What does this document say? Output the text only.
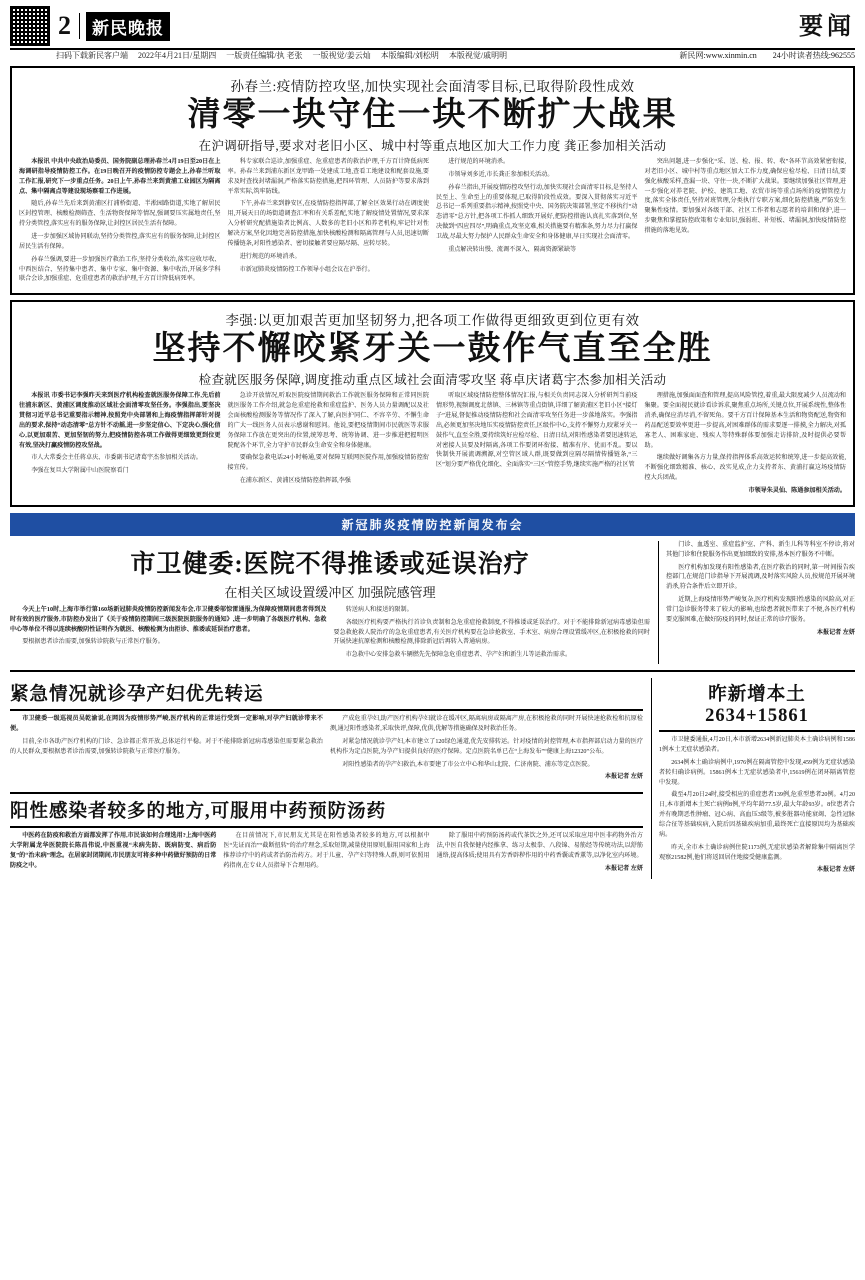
2	新民晚报	要闻
扫码下载新民客户端 2022年4月21日/星期四 一版责任编辑/执 老张 一版视觉/姜云灿 本版编辑/刘松明 本版视觉/戚明明	新民网:www.xinmin.cn 24小时读者热线:962555
孙春兰:疫情防控攻坚,加快实现社会面清零目标,已取得阶段性成效
清零一块守住一块不断扩大战果
在沪调研指导,要求对老旧小区、城中村等重点地区加大工作力度 龚正参加相关活动

本报讯 中共中央政治局委员、国务院副总理孙春兰4月19日至20日在上海调研指导疫情防控工作。在19日晚召开的疫情防控专题会上,孙春兰听取工作汇报,研究下一步重点任务。20日上午,孙春兰来到黄浦工业园区为隔离点、集中隔离点等建设现场察看工作进展。

随后,孙春兰先后来到黄浦区打浦桥街道、半淞园路街道,实地了解居民区封控管理、核酸检测筛查、生活物资保障等情况,强调要压实属地责任,坚持分类管控,落实应有的服务保障,让封控区居民生活有保障。

进一步加强区域协同联动,坚持分类管控,落实应有的服务保障,让封控区居民生活有保障。

孙春兰强调,要进一步加强医疗救治工作,坚持分类收治,落实应收尽收、中西医结合、坚持集中患者、集中专家、集中资源、集中收治,开展多学科联合会诊,加强重症、危重症患者的救治护理,千方百计降低病死率。

科专家联合巡诊,加强重症、危重症患者的救治护理,千方百计降低病死率。孙春兰来到浦东新区龙甲路一处建成工地,查看工地建设和配套设施,要求及时查找封堵漏洞,严格落实防控措施,把四环管理、人员防护等要求落到平常实际,筑牢防线。

下午,孙春兰来到静安区,在疫情防控指挥部,了解全区效果行动在调度使用,开展天日的场街道调查汇率和有关系差配,实地了解疫情处置情况,要求深入分析研究配措施染者比例高、人数多的老旧小区和养老机构,牢记针对性解决方案,坚化因地完善防控措施,加快核酸检测和隔离管理与人员,迅速切断传播链条,对阳性感染者、密切接触者要应隔尽隔、应转尽转。

进行规范的环境消杀。

市新冠肺炎疫情防控工作领导小组会议在沪举行。

进行规范的环境消杀。

市领导刘多近,市长龚正参加相关活动。

孙春兰指出,开展疫情防控攻坚行动,加快实现社会面清零目标,是坚持人民至上、生命至上的重要体现,已取得阶段性成效。要深入贯彻落实习近平总书记一系列重要指示精神,按照党中央、国务院决策部署,坚定不移执行“动态清零”总方针,把各项工作抓人细致开展好,把防控措施认真扎实落到位,坚决做到“四应四尽”,明确重点,攻坚克难,相关措施要有精准条,努力尽力打赢保卫战,尽最大努力保护人民群众生命安全和身体健康,早日实现社会面清零。

重点解决转出慢、流调不深入、隔离资源紧缺等

突出问题,进一步强化“采、送、检、报、转、收”各环节高效紧密衔接,对老旧小区、城中村等重点地区加大工作力度,确保应检尽检、日清日结,要强化核酸采样,查漏一块、守住一块,不断扩大战果。要继续加强社区管理,进一步强化对养老院、护校、建筑工地、农贸市场等重点场所的疫情管控力度,落实全体责任,坚持对班管理,分类执行专职方案,细化防控措施,严防发生聚集性疫情。要加强对各级干部、社区工作者和志愿者的培训和保护,进一步聚焦和掌握防控政策和专业知识,强弱班、补短板、堵漏洞,加快疫情防控措施的落地见效。

李强:以更加艰苦更加坚韧努力,把各项工作做得更细致更到位更有效
坚持不懈咬紧牙关一鼓作气直至全胜
检查就医服务保障,调度推动重点区域社会面清零攻坚 蒋卓庆诸葛宇杰参加相关活动

本报讯 市委书记李强昨天来到医疗机构检查就医服务保障工作,先后前往浦东新区、黄浦区调度推动区域社会面清零攻坚任务。李强指出,要坚决贯彻习近平总书记重要指示精神,按照党中央部署和上海疫情指挥部针对提出的要求,保持“动态清零”总方针不动摇,进一步坚定信心、下定决心,强化信心,以更加艰苦、更加坚韧的努力,把疫情防控各项工作做得更细致更到位更有效,坚决打赢疫情防控攻坚战。

市人大常委会主任蒋卓庆、市委副书记诸葛宇杰参加相关活动。

李强在复旦大学附属中山医院察看门

急诊开放情况,听取医院疫情期间救治工作就医服务保障和正常同医院就医服务工作介绍,就急危重症抢救和重症监护、医务人员力量调配以及社会面核酸检测服务等情况作了深入了解,向医护同仁、不容辛劳、不懈生命的广大一线医务人员表示感谢和慰问。他说,要把疫情期间市民就医等求服务保障工作放在更突出的位置,统筹思考、统筹协调、进一步推进把握明医院配各个环节,全力守护市民群众生命安全和身体健康。

要确保急救电话24小时畅通,要对保障互联网医院作用,加强疫情防控衔接宜传。

在浦东新区、黄浦区疫情防控指挥部,李强

听取区域疫情防控整体情况汇报,与相关负责同志深入分析研判当前疫情形势,视频调度北蔡镇、三林镇等重点街镇,详细了解黄浦区老旧小区“接灯子”进展,督促推动疫情防控和社会面清零攻坚任务进一步落地落实。李强指出,必须更加坚决地压实疫情防控责任,区级作中心,支持不懈努力,咬紧牙关一鼓作气,直至全胜,要持续筑好应检尽检、日清日结,对阳性感染者要迅速转运,对密接人员要及时隔离,各项工作要闭环衔接、精准有序、优而不乱。要以快制快开展流调溯源,对空管区域人群,既要做到应隔尽隔情传播链条,“三区”划分要严格优化细化、全面落实“三区”管控手势,继续实施严格的社区管

理措施,加强面面查和管理,提高风险管控,着重,最大限度减少人员流动和集聚。要全面视民就诊看诊诉求,聚焦重点场所,关键点位,开展系统性,整体性消杀,确保应消尽消,不留死角。要千方百计保障基本生活和物资配送,物资和药品配送要效率更进一步提高,对困难群体的需求要逐一排摸,全力解决,对孤寡老人、困难家庭、残疾人等特殊群体要加强走访排阶,及时提供必要帮助。

继续做好调集各方力量,保持指挥体系高效运转和统筹,进一步提高效能,不断强化细致精准、核心、改实见成,企力支持者东、黄浦打赢这场疫情防控大兵团战。

市领导朱灵仙、陈通参加相关活动。

新冠肺炎疫情防控新闻发布会
市卫健委:医院不得推诿或延误治疗
在相关区域设置缓冲区 加强院感管理

今天上午10时,上海市举行第160场新冠肺炎疫情防控新闻发布会,市卫健委邬惊雷通报,为保障疫情期间患者得到及时有效的医疗服务,市防控办发出了《关于疫情防控期间三级医院医院服务的通知》,进一步明确了各级医疗机构、急救中心等单位不得以连续核酸阴性证明作为就医、核酸检测为由拒诊、推诿或延误治疗患者。

要根据患者诊治需要,加强转诊院救与正常医疗服务。

转送病人和接送的限制。

各级医疗机构要严格执行首诊负责制和急危重症抢救制度,不得推诿或延误治疗。对于不能排除新冠病毒感染但需要急救抢救人院治疗的急危重症患者,有关医疗机构要在急诊抢救室、手术室、病房合理设置缓冲区,在积极抢救的同时开展快速抗原检测和核酸检测,排除新冠后再转入普通病房。

市急救中心安排急救车辆燃先先保障急危重症患者、孕产妇和新生儿等运救治需求。

门诊、血透室、重症监护室、产科、新生儿科等科室不停诊,将对其他门诊和住院服务作出更加细致的安排,基本医疗服务不中断。

医疗机构加发现有阳性感染者,在医疗救治的同时,第一时间报告疾控部门,在规范门诊指导下开展流调,及时落实风险人员,按规范开展环境消杀,符合条件后立即开诊。

近期,上海疫情形势严峻复杂,医疗机构发现阳性感染的风险高,对正常门急诊服务带来了较大的影响,也给患者就医带来了不便,各医疗机构要克服困难,在做好防疫的同时,保证正常的诊疗服务。

本报记者 左妍

紧急情况就诊孕产妇优先转运

市卫健委一级巡视员吴乾渝说,在网因为疫情形势严峻,医疗机构的正常运行受到一定影响,对孕产妇就诊带来不便。

目前,全市各助产医疗机构的门诊、急诊都正常开放,总体运行平稳。对于不能排除新冠病毒感染但需要紧急救治的人民群众,要根据患者诊治需要,加强转诊院救与正常医疗服务。

产成危重孕妇,助产医疗机构孕妇就诊在缓冲区,隔离病房或隔离产房,在积极抢救的同时开展快速抢救检和抗原检测,通过阳性感染者,采取快评,保障,优供,优解等措施确保及时救治任务。

对紧急情况就诊孕产妇,本市建立了120绿色通道,优先安排转运。针对疫情的封控管理,本市指挥部启动力量的医疗机构作为定点医院,为孕产妇提供良好的医疗保障。定点医院名单已在“上海发布”“健康上海12320”公布。

对阳性感染者的孕产妇救治,本市要建了市公立中心和华山北院、仁济南院、浦东等定点医院。

本报记者 左妍

阳性感染者较多的地方,可服用中药预防汤药

中医药在防疫和救治方面都发挥了作用,市民该如何合理选用?上海中医药大学附属龙华医院院长陈昌伟说,中医重视“未病先防、既病防变、病后防复”的“治未病”理念。在居家封闭期间,市民朋友可将多种中药做好预防的日常防疫之中。

在目前情况下,市民朋友尤其是在阳性感染者较多的地方,可以根据中医“先证而治”“截断扭转”的治疗理念,采取短期,减量使用原则,服用国家和上海推荐诊疗中的药或者治防治药方。对于儿童、孕产妇等特殊人群,则可依照用药指南,在专业人员指导下合理用药。

除了服用中药预防汤药或代茶饮之外,还可以采取应用中医非药物外治方法,中医自我保健内经推拿、练习太极拳、八段锦、易筋经等传统功法,以舒筋通络,提高体质;使用具有芳香辟秽作用的中药香囊或香薰等,以净化室内环境。

本报记者 左妍

昨新增本土2634+15861

市卫健委通报,4月20日,本市新增2634例新冠肺炎本土确诊病例和15861例本土无症状感染者。

2634例本土确诊病例中,1976例在隔离管控中发现,459例为无症状感染者转归确诊病例。15861例本土无症状感染者中,15619例在闭环隔离管控中发现。

截至4月20日24时,接受相应的重症患者139例,危重型患者20例。4月20日,本市新增本土死亡病例8例,平均年龄77.5岁,最大年龄93岁。8位患者合并有晚期恶性肿瘤、冠心病、高血压3级等,被多脏器功能衰竭、急性冠脉综合征等基础疾病,入院后因基础疾病加重,最终死亡直接原因均为基础疾病。

昨天,全市本土确诊病例住院1173例,无症状感染者解除集中隔离医学观察21582例,他们将返回居住地接受健康监测。

本报记者 左妍
